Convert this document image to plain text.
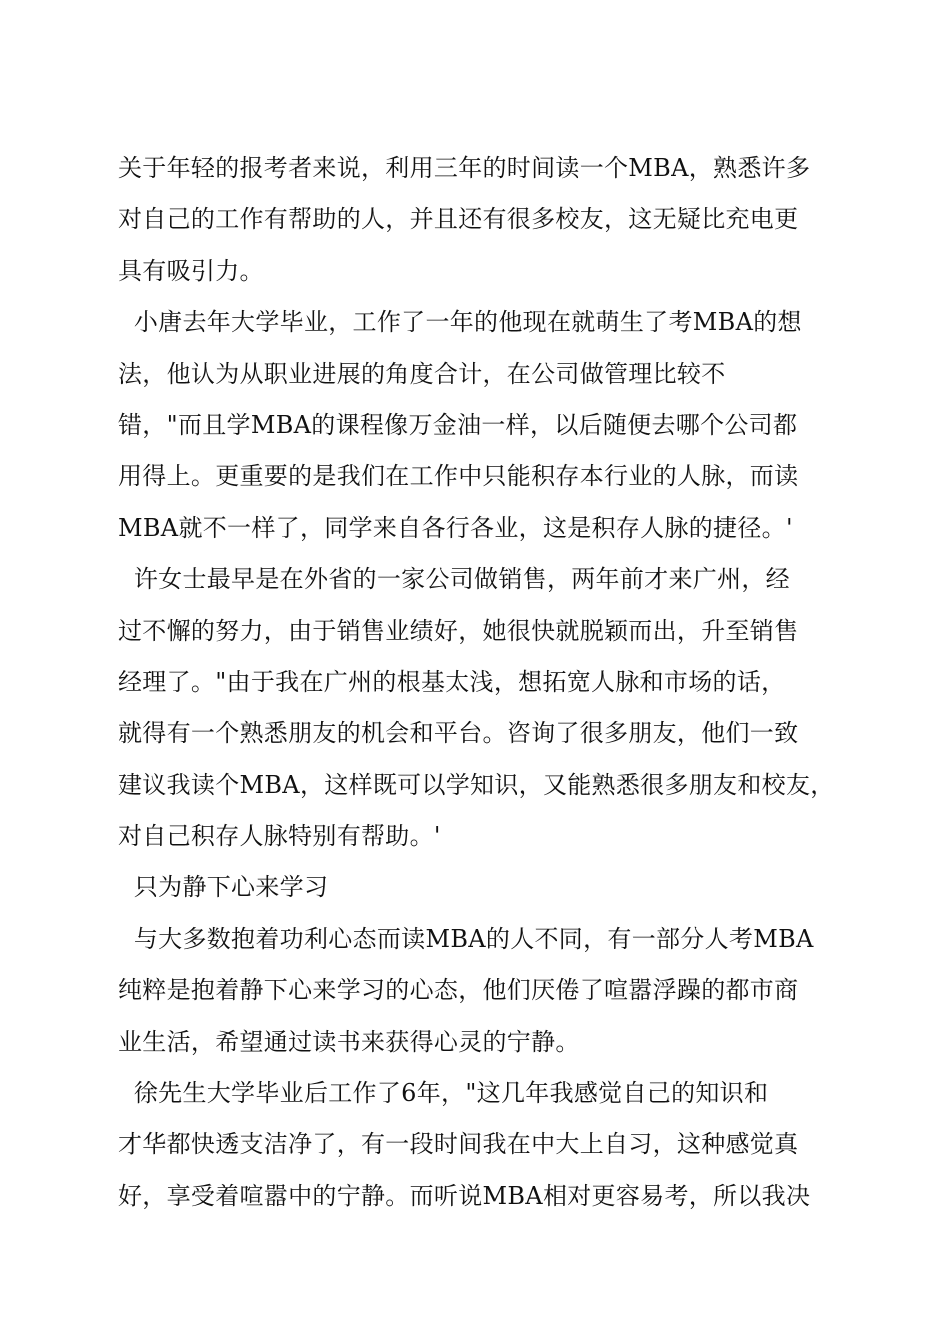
关于年轻的报考者来说，利用三年的时间读一个MBA，熟悉许多
对自己的工作有帮助的人，并且还有很多校友，这无疑比充电更
具有吸引力。
小唐去年大学毕业，工作了一年的他现在就萌生了考MBA的想
法，他认为从职业进展的角度合计，在公司做管理比较不
错，"而且学MBA的课程像万金油一样，以后随便去哪个公司都
用得上。更重要的是我们在工作中只能积存本行业的人脉，而读
MBA就不一样了，同学来自各行各业，这是积存人脉的捷径。'
许女士最早是在外省的一家公司做销售，两年前才来广州，经
过不懈的努力，由于销售业绩好，她很快就脱颖而出，升至销售
经理了。"由于我在广州的根基太浅，想拓宽人脉和市场的话，
就得有一个熟悉朋友的机会和平台。咨询了很多朋友，他们一致
建议我读个MBA，这样既可以学知识，又能熟悉很多朋友和校友，
对自己积存人脉特别有帮助。'
只为静下心来学习
与大多数抱着功利心态而读MBA的人不同，有一部分人考MBA
纯粹是抱着静下心来学习的心态，他们厌倦了喧嚣浮躁的都市商
业生活，希望通过读书来获得心灵的宁静。
徐先生大学毕业后工作了6年，"这几年我感觉自己的知识和
才华都快透支洁净了，有一段时间我在中大上自习，这种感觉真
好，享受着喧嚣中的宁静。而听说MBA相对更容易考，所以我决
